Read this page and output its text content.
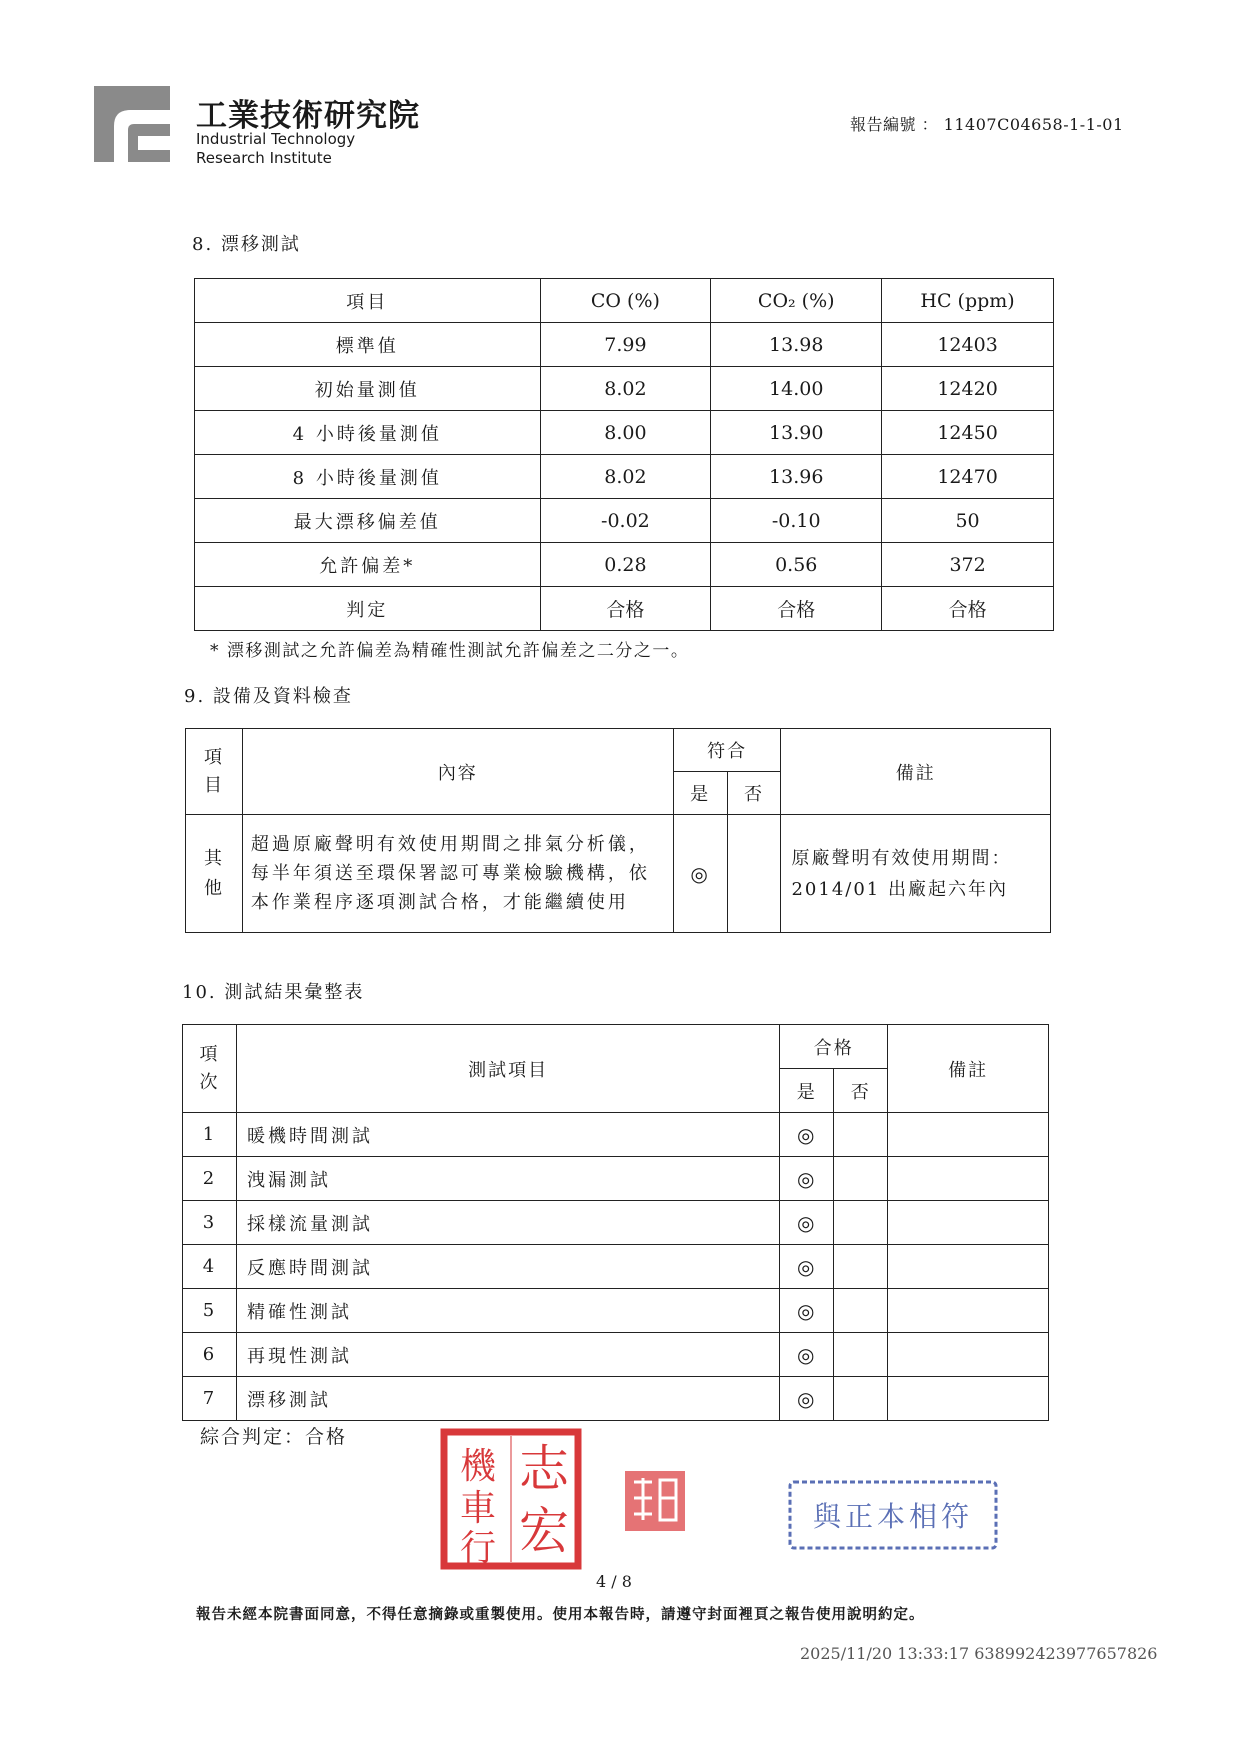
工業技術研究院
Industrial Technology
Research Institute
報告編號 ： 11407C04658-1-1-01
8. 漂移測試
項目	CO (%)	CO₂ (%)	HC (ppm)
標準值	7.99	13.98	12403
初始量測值	8.02	14.00	12420
4 小時後量測值	8.00	13.90	12450
8 小時後量測值	8.02	13.96	12470
最大漂移偏差值	-0.02	-0.10	50
允許偏差*	0.28	0.56	372
判定	合格	合格	合格
* 漂移測試之允許偏差為精確性測試允許偏差之二分之一。
9. 設備及資料檢查
項目	內容	符合		備註
		是	否	
其他	超過原廠聲明有效使用期間之排氣分析儀，每半年須送至環保署認可專業檢驗機構，依本作業程序逐項測試合格，才能繼續使用	◎		原廠聲明有效使用期間：
2014/01 出廠起六年內
10. 測試結果彙整表
項次	測試項目	合格		備註
		是	否	
1	暖機時間測試	◎		
2	洩漏測試	◎		
3	採樣流量測試	◎		
4	反應時間測試	◎		
5	精確性測試	◎		
6	再現性測試	◎		
7	漂移測試	◎		
綜合判定：合格
志
宏
機
車
行
與正本相符
4 / 8
報告未經本院書面同意，不得任意摘錄或重製使用。使用本報告時，請遵守封面裡頁之報告使用說明約定。
2025/11/20 13:33:17 638992423977657826
